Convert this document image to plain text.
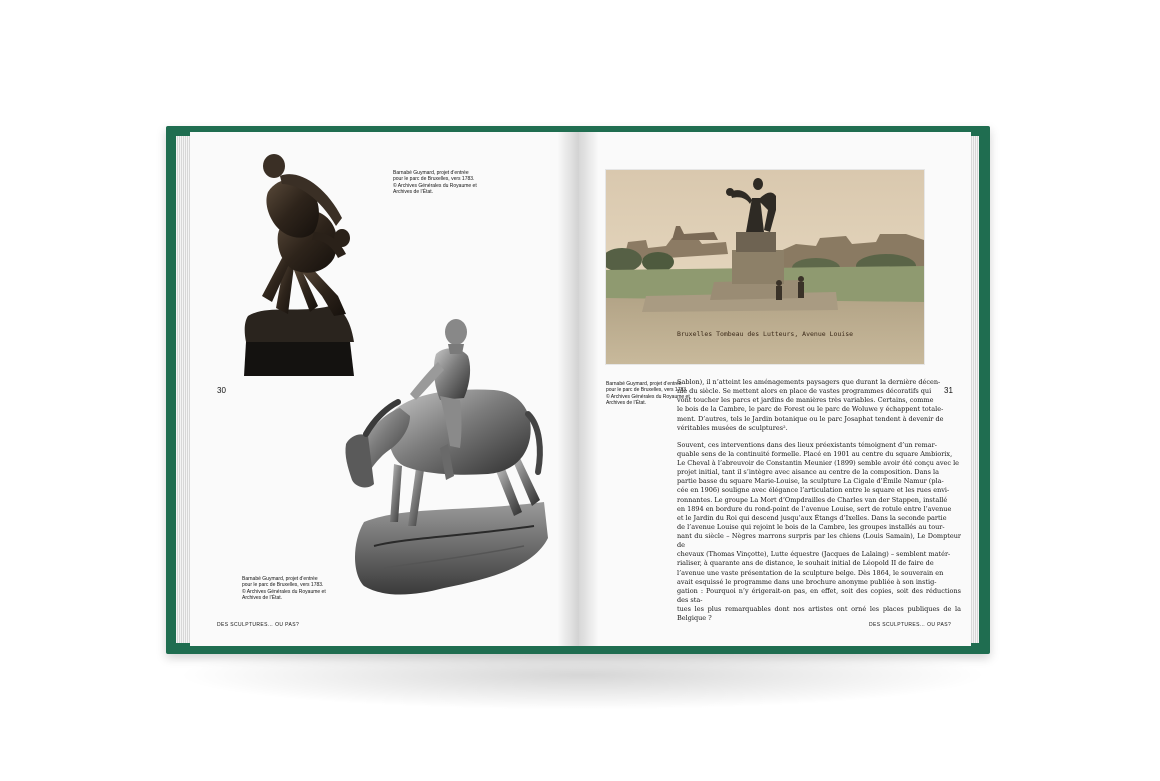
Barnabé Guymard, projet d’entrée
pour le parc de Bruxelles, vers 1783.
© Archives Générales du Royaume et
Archives de l’État.
Barnabé Guymard, projet d’entrée
pour le parc de Bruxelles, vers 1783.
© Archives Générales du Royaume et
Archives de l’État.
30
DES SCULPTURES… OU PAS?
Bruxelles Tombeau des Lutteurs, Avenue Louise
Barnabé Guymard, projet d’entrée
pour le parc de Bruxelles, vers 1783.
© Archives Générales du Royaume et
Archives de l’État.

Sablon), il n’atteint les aménagements paysagers que durant la dernière décen-
nie du siècle. Se mettent alors en place de vastes programmes décoratifs qui
vont toucher les parcs et jardins de manières très variables. Certains, comme
le bois de la Cambre, le parc de Forest ou le parc de Woluwe y échappent totale-
ment. D’autres, tels le Jardin botanique ou le parc Josaphat tendent à devenir de
véritables musées de sculptures².

Souvent, ces interventions dans des lieux préexistants témoignent d’un remar-
quable sens de la continuité formelle. Placé en 1901 au centre du square Ambiorix,
Le Cheval à l’abreuvoir de Constantin Meunier (1899) semble avoir été conçu avec le
projet initial, tant il s’intègre avec aisance au centre de la composition. Dans la
partie basse du square Marie-Louise, la sculpture La Cigale d’Émile Namur (pla-
cée en 1906) souligne avec élégance l’articulation entre le square et les rues envi-
ronnantes. Le groupe La Mort d’Ompdrailles de Charles van der Stappen, installé
en 1894 en bordure du rond-point de l’avenue Louise, sert de rotule entre l’avenue
et le Jardin du Roi qui descend jusqu’aux Étangs d’Ixelles. Dans la seconde partie
de l’avenue Louise qui rejoint le bois de la Cambre, les groupes installés au tour-
nant du siècle – Nègres marrons surpris par les chiens (Louis Samain), Le Dompteur de
chevaux (Thomas Vinçotte), Lutte équestre (Jacques de Lalaing) – semblent matér-
rialiser, à quarante ans de distance, le souhait initial de Léopold II de faire de
l’avenue une vaste présentation de la sculpture belge. Dès 1864, le souverain en
avait esquissé le programme dans une brochure anonyme publiée à son instig-
gation : Pourquoi n’y érigerait-on pas, en effet, soit des copies, soit des réductions des sta-
tues les plus remarquables dont nos artistes ont orné les places publiques de la Belgique ?

31
DES SCULPTURES… OU PAS?
